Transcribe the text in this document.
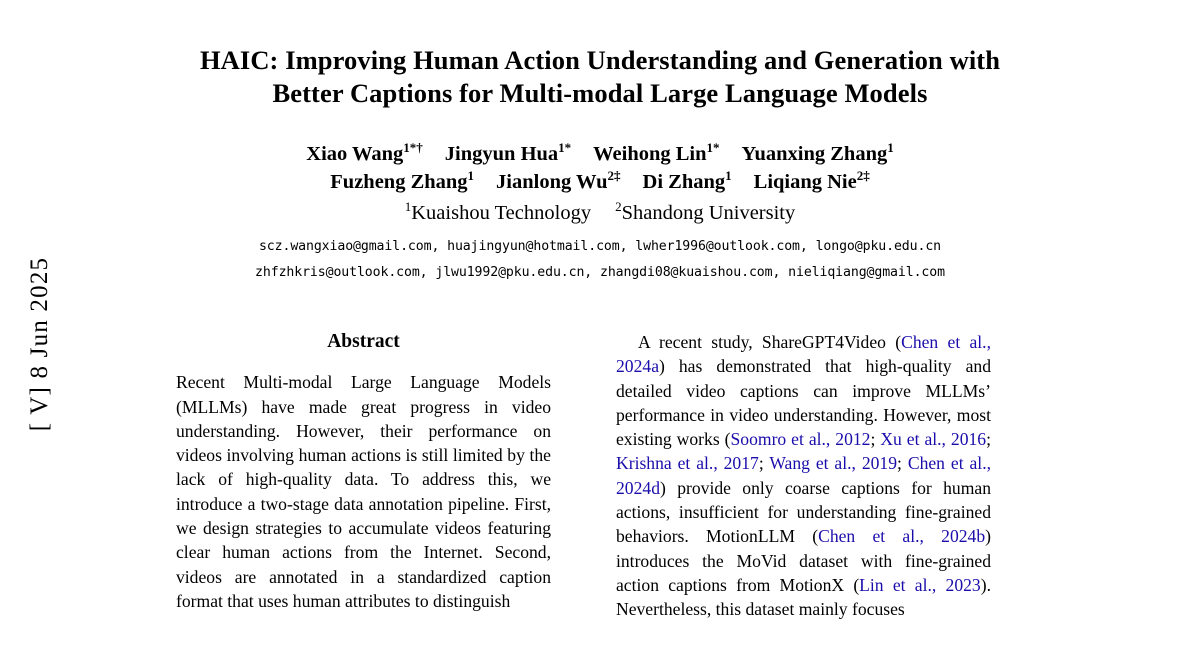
[ V] 8 Jun 2025
HAIC: Improving Human Action Understanding and Generation with
Better Captions for Multi-modal Large Language Models
Xiao Wang$^{1*\dagger}$ Jingyun Hua$^{1*}$ Weihong Lin$^{1*}$ Yuanxing Zhang$^1$
Fuzheng Zhang$^1$ Jianlong $Wu^{2\ddagger}$ Di Zhang$^1$ Liqiang Nie$^{2\ddagger}$
$^1$Kuaishou Technology $^2$Shandong University
scz.wangxiao@gmail.com, huajingyun@hotmail.com, lwher1996@outlook.com, longo@pku.edu.cn
zhfzhkris@outlook.com, jlwu1992@pku.edu.cn, zhangdi08@kuaishou.com, nieliqiang@gmail.com
Abstract

Recent Multi-modal Large Language Models (MLLMs) have made great progress in video understanding. However, their performance on videos involving human actions is still limited by the lack of high-quality data. To address this, we introduce a two-stage data annotation pipeline. First, we design strategies to accumulate videos featuring clear human actions from the Internet. Second, videos are annotated in a standardized caption format that uses human attributes to distinguish

A recent study, ShareGPT4Video (Chen et al., 2024a) has demonstrated that high-quality and detailed video captions can improve MLLMs’ performance in video understanding. However, most existing works (Soomro et al., 2012; Xu et al., 2016; Krishna et al., 2017; Wang et al., 2019; Chen et al., 2024d) provide only coarse captions for human actions, insufficient for understanding fine-grained behaviors. MotionLLM (Chen et al., 2024b) introduces the MoVid dataset with fine-grained action captions from MotionX (Lin et al., 2023). Nevertheless, this dataset mainly focuses
